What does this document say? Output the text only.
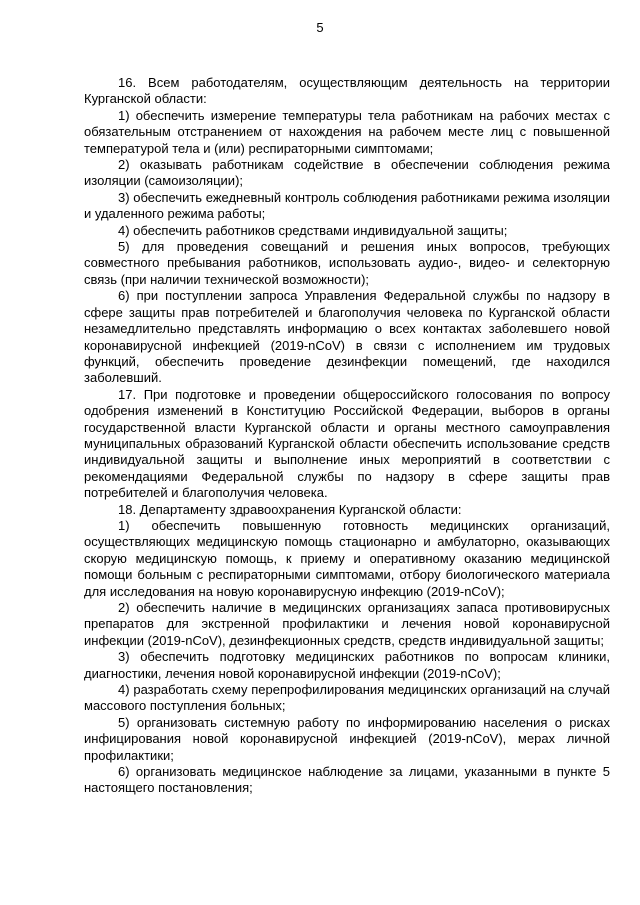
5

16. Всем работодателям, осуществляющим деятельность на территории Курганской области:

1) обеспечить измерение температуры тела работникам на рабочих местах с обязательным отстранением от нахождения на рабочем месте лиц с повышенной температурой тела и (или) респираторными симптомами;

2) оказывать работникам содействие в обеспечении соблюдения режима изоляции (самоизоляции);

3) обеспечить ежедневный контроль соблюдения работниками режима изоляции и удаленного режима работы;

4) обеспечить работников средствами индивидуальной защиты;

5) для проведения совещаний и решения иных вопросов, требующих совместного пребывания работников, использовать аудио-, видео- и селекторную связь (при наличии технической возможности);

6) при поступлении запроса Управления Федеральной службы по надзору в сфере защиты прав потребителей и благополучия человека по Курганской области незамедлительно представлять информацию о всех контактах заболевшего новой коронавирусной инфекцией (2019-nCoV) в связи с исполнением им трудовых функций, обеспечить проведение дезинфекции помещений, где находился заболевший.

17. При подготовке и проведении общероссийского голосования по вопросу одобрения изменений в Конституцию Российской Федерации, выборов в органы государственной власти Курганской области и органы местного самоуправления муниципальных образований Курганской области обеспечить использование средств индивидуальной защиты и выполнение иных мероприятий в соответствии с рекомендациями Федеральной службы по надзору в сфере защиты прав потребителей и благополучия человека.

18. Департаменту здравоохранения Курганской области:

1) обеспечить повышенную готовность медицинских организаций, осуществляющих медицинскую помощь стационарно и амбулаторно, оказывающих скорую медицинскую помощь, к приему и оперативному оказанию медицинской помощи больным с респираторными симптомами, отбору биологического материала для исследования на новую коронавирусную инфекцию (2019-nCoV);

2) обеспечить наличие в медицинских организациях запаса противовирусных препаратов для экстренной профилактики и лечения новой коронавирусной инфекции (2019-nCoV), дезинфекционных средств, средств индивидуальной защиты;

3) обеспечить подготовку медицинских работников по вопросам клиники, диагностики, лечения новой коронавирусной инфекции (2019-nCoV);

4) разработать схему перепрофилирования медицинских организаций на случай массового поступления больных;

5) организовать системную работу по информированию населения о рисках инфицирования новой коронавирусной инфекцией (2019-nCoV), мерах личной профилактики;

6) организовать медицинское наблюдение за лицами, указанными в пункте 5 настоящего постановления;
